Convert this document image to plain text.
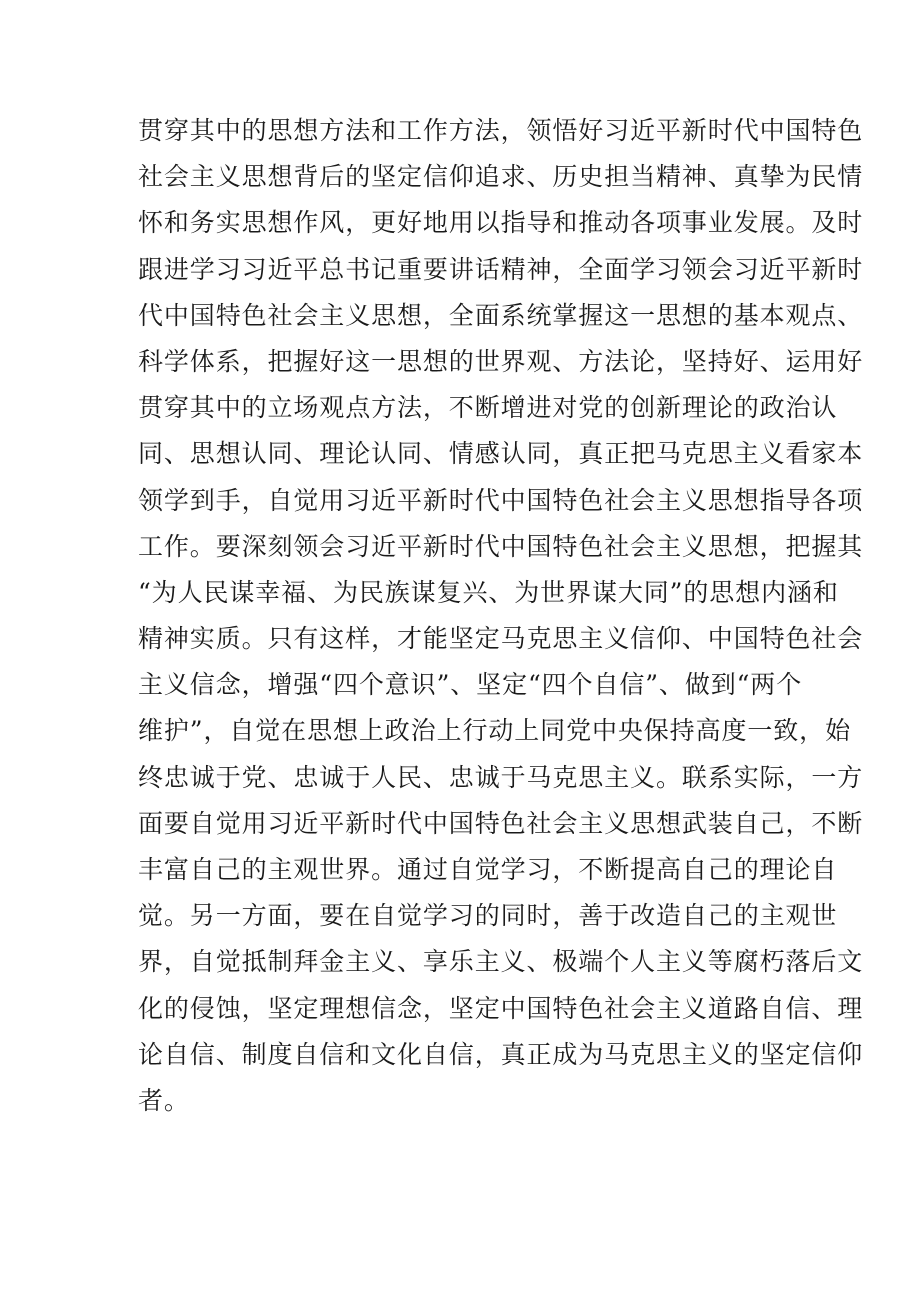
贯穿其中的思想方法和工作方法，领悟好习近平新时代中国特色
社会主义思想背后的坚定信仰追求、历史担当精神、真挚为民情
怀和务实思想作风，更好地用以指导和推动各项事业发展。及时
跟进学习习近平总书记重要讲话精神，全面学习领会习近平新时
代中国特色社会主义思想，全面系统掌握这一思想的基本观点、
科学体系，把握好这一思想的世界观、方法论，坚持好、运用好
贯穿其中的立场观点方法，不断增进对党的创新理论的政治认
同、思想认同、理论认同、情感认同，真正把马克思主义看家本
领学到手，自觉用习近平新时代中国特色社会主义思想指导各项
工作。要深刻领会习近平新时代中国特色社会主义思想，把握其
“为人民谋幸福、为民族谋复兴、为世界谋大同”的思想内涵和
精神实质。只有这样，才能坚定马克思主义信仰、中国特色社会
主义信念，增强“四个意识”、坚定“四个自信”、做到“两个
维护”，自觉在思想上政治上行动上同党中央保持高度一致，始
终忠诚于党、忠诚于人民、忠诚于马克思主义。联系实际，一方
面要自觉用习近平新时代中国特色社会主义思想武装自己，不断
丰富自己的主观世界。通过自觉学习，不断提高自己的理论自
觉。另一方面，要在自觉学习的同时，善于改造自己的主观世
界，自觉抵制拜金主义、享乐主义、极端个人主义等腐朽落后文
化的侵蚀，坚定理想信念，坚定中国特色社会主义道路自信、理
论自信、制度自信和文化自信，真正成为马克思主义的坚定信仰
者。
